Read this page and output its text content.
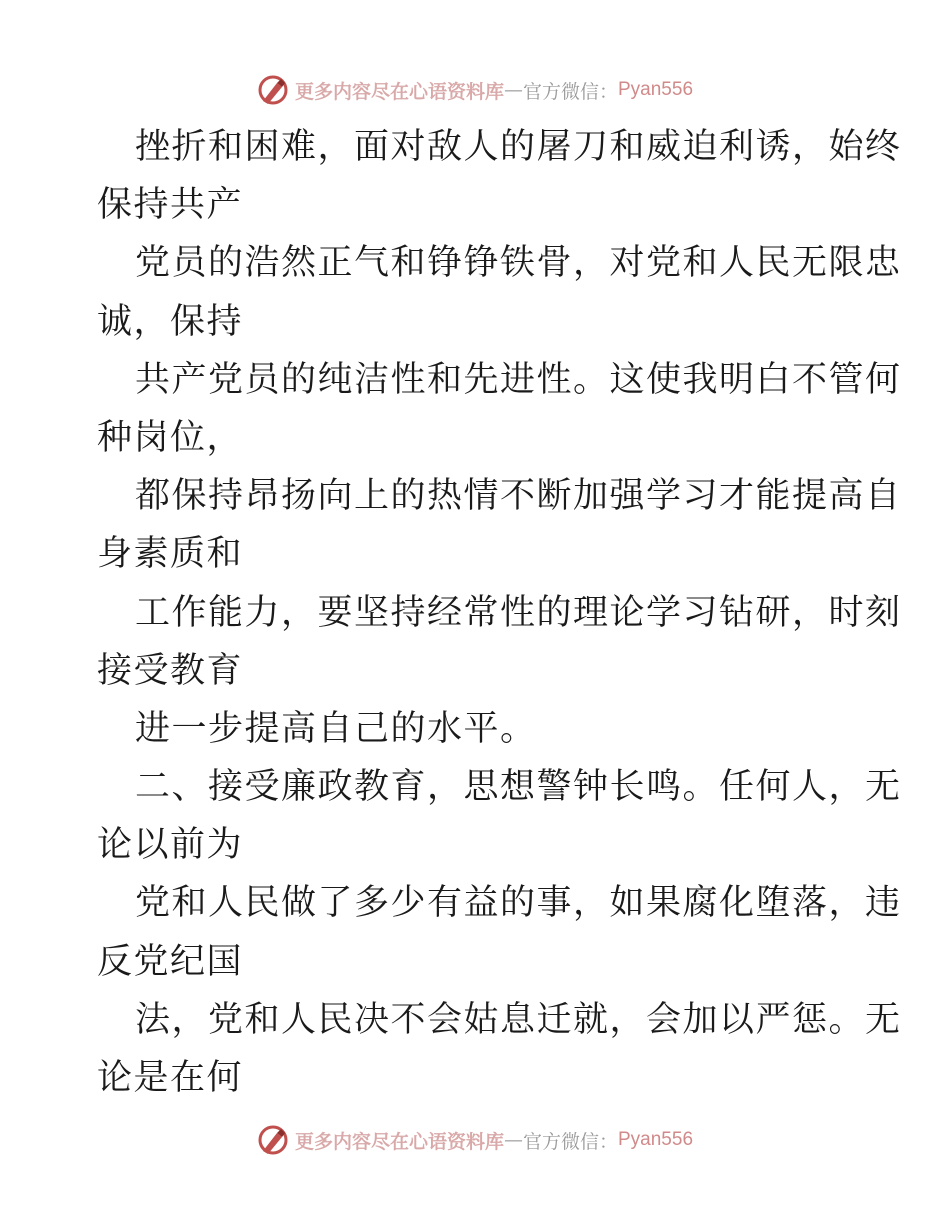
更多内容尽在心语资料库 — 官方微信： Pyan556
挫折和困难，面对敌人的屠刀和威迫利诱，始终
保持共产
党员的浩然正气和铮铮铁骨，对党和人民无限忠
诚，保持
共产党员的纯洁性和先进性。这使我明白不管何
种岗位，
都保持昂扬向上的热情不断加强学习才能提高自
身素质和
工作能力，要坚持经常性的理论学习钻研，时刻
接受教育
进一步提高自己的水平。
二、接受廉政教育，思想警钟长鸣。任何人，无
论以前为
党和人民做了多少有益的事，如果腐化堕落，违
反党纪国
法，党和人民决不会姑息迁就，会加以严惩。无
论是在何
更多内容尽在心语资料库 — 官方微信： Pyan556
